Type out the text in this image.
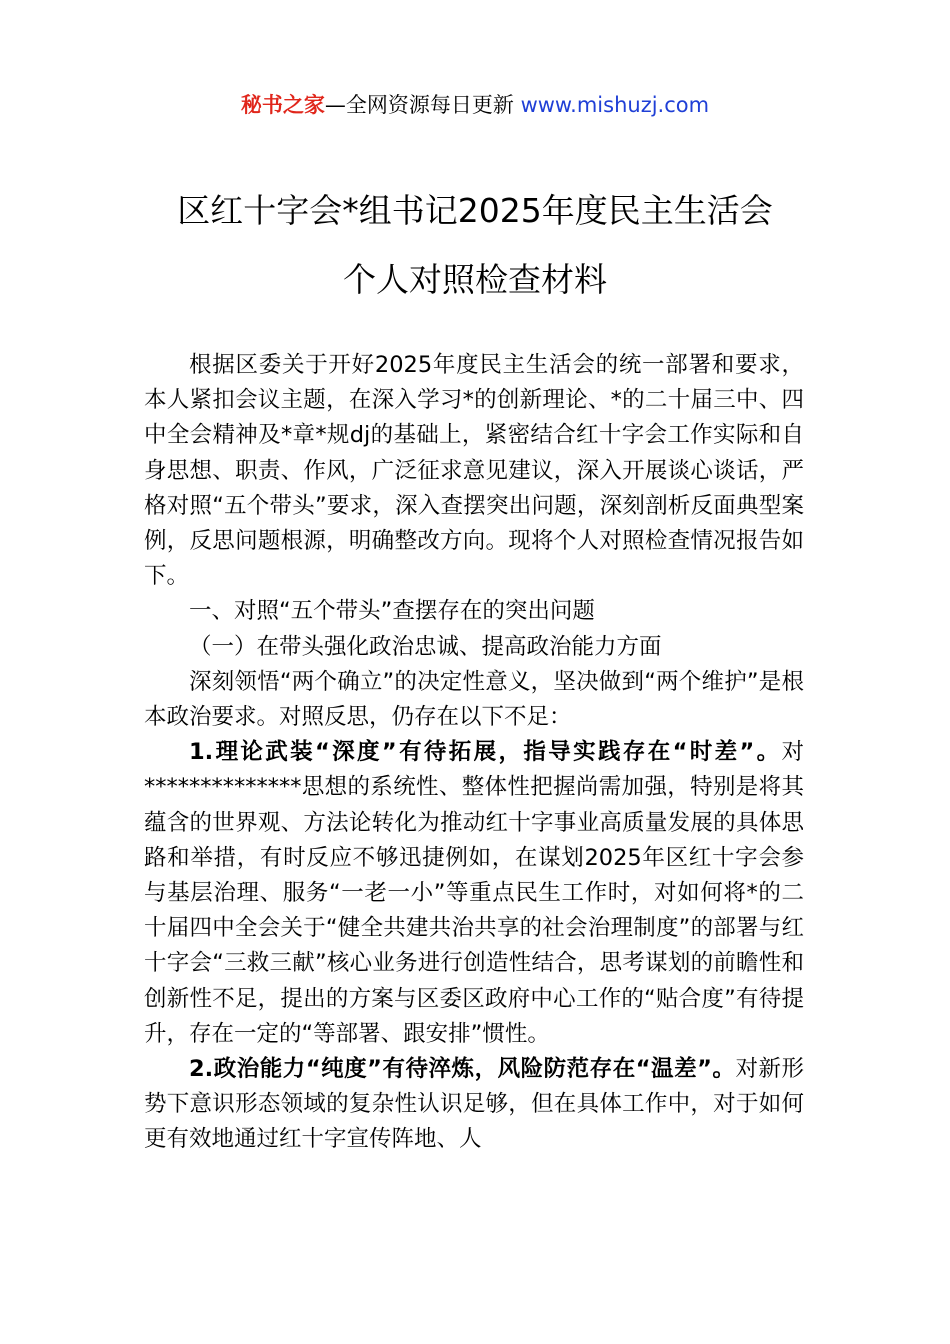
秘书之家—全网资源每日更新 www.mishuzj.com
区红十字会*组书记2025年度民主生活会
个人对照检查材料

根据区委关于开好2025年度民主生活会的统一部署和要求，本人紧扣会议主题，在深入学习*的创新理论、*的二十届三中、四中全会精神及*章*规dj的基础上，紧密结合红十字会工作实际和自身思想、职责、作风，广泛征求意见建议，深入开展谈心谈话，严格对照“五个带头”要求，深入查摆突出问题，深刻剖析反面典型案例，反思问题根源，明确整改方向。现将个人对照检查情况报告如下。

一、对照“五个带头”查摆存在的突出问题

（一）在带头强化政治忠诚、提高政治能力方面

深刻领悟“两个确立”的决定性意义，坚决做到“两个维护”是根本政治要求。对照反思，仍存在以下不足：

1.理论武装“深度”有待拓展，指导实践存在“时差”。对**************思想的系统性、整体性把握尚需加强，特别是将其蕴含的世界观、方法论转化为推动红十字事业高质量发展的具体思路和举措，有时反应不够迅捷例如，在谋划2025年区红十字会参与基层治理、服务“一老一小”等重点民生工作时，对如何将*的二十届四中全会关于“健全共建共治共享的社会治理制度”的部署与红十字会“三救三献”核心业务进行创造性结合，思考谋划的前瞻性和创新性不足，提出的方案与区委区政府中心工作的“贴合度”有待提升，存在一定的“等部署、跟安排”惯性。

2.政治能力“纯度”有待淬炼，风险防范存在“温差”。对新形势下意识形态领域的复杂性认识足够，但在具体工作中，对于如何更有效地通过红十字宣传阵地、人
